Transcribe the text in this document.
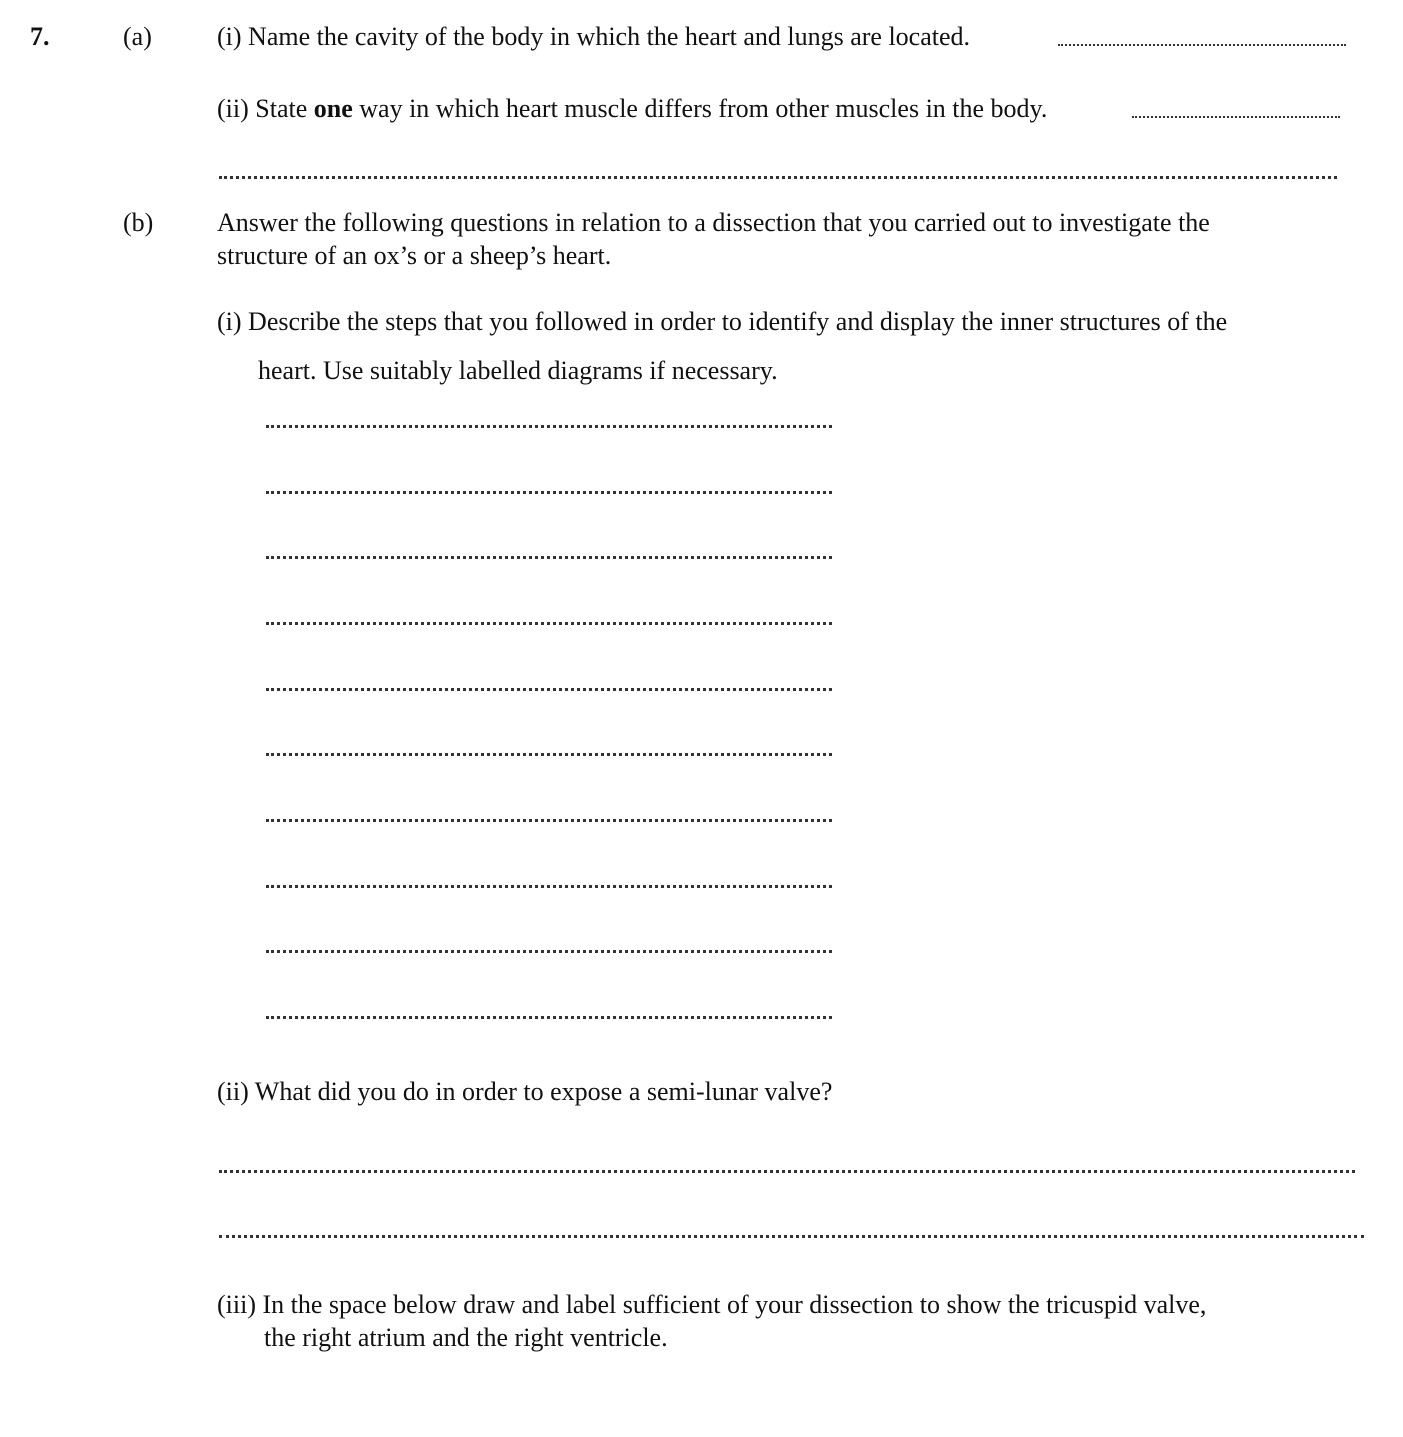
7.	(a)	(i) Name the cavity of the body in which the heart and lungs are located.
(ii) State one way in which heart muscle differs from other muscles in the body.
(b) Answer the following questions in relation to a dissection that you carried out to investigate the
structure of an ox’s or a sheep’s heart.
(i) Describe the steps that you followed in order to identify and display the inner structures of the
heart. Use suitably labelled diagrams if necessary.
(ii) What did you do in order to expose a semi-lunar valve?
(iii) In the space below draw and label sufficient of your dissection to show the tricuspid valve,
the right atrium and the right ventricle.
